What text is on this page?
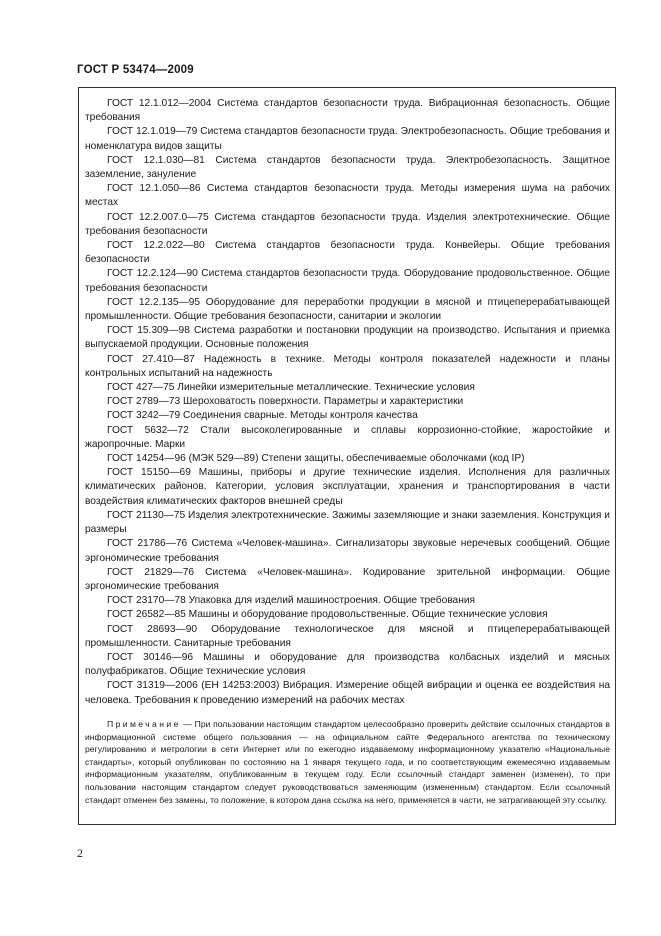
ГОСТ Р 53474—2009

ГОСТ 12.1.012—2004 Система стандартов безопасности труда. Вибрационная безопасность. Общие требования

ГОСТ 12.1.019—79 Система стандартов безопасности труда. Электробезопасность. Общие требования и номенклатура видов защиты

ГОСТ 12.1.030—81 Система стандартов безопасности труда. Электробезопасность. Защитное заземление, зануление

ГОСТ 12.1.050—86 Система стандартов безопасности труда. Методы измерения шума на рабочих местах

ГОСТ 12.2.007.0—75 Система стандартов безопасности труда. Изделия электротехнические. Общие требования безопасности

ГОСТ 12.2.022—80 Система стандартов безопасности труда. Конвейеры. Общие требования безопасности

ГОСТ 12.2.124—90 Система стандартов безопасности труда. Оборудование продовольственное. Общие требования безопасности

ГОСТ 12.2.135—95 Оборудование для переработки продукции в мясной и птицеперерабатывающей промышленности. Общие требования безопасности, санитарии и экологии

ГОСТ 15.309—98 Система разработки и постановки продукции на производство. Испытания и приемка выпускаемой продукции. Основные положения

ГОСТ 27.410—87 Надежность в технике. Методы контроля показателей надежности и планы контрольных испытаний на надежность

ГОСТ 427—75 Линейки измерительные металлические. Технические условия

ГОСТ 2789—73 Шероховатость поверхности. Параметры и характеристики

ГОСТ 3242—79 Соединения сварные. Методы контроля качества

ГОСТ 5632—72 Стали высоколегированные и сплавы коррозионно-стойкие, жаростойкие и жаропрочные. Марки

ГОСТ 14254—96 (МЭК 529—89) Степени защиты, обеспечиваемые оболочками (код IP)

ГОСТ 15150—69 Машины, приборы и другие технические изделия. Исполнения для различных климатических районов. Категории, условия эксплуатации, хранения и транспортирования в части воздействия климатических факторов внешней среды

ГОСТ 21130—75 Изделия электротехнические. Зажимы заземляющие и знаки заземления. Конструкция и размеры

ГОСТ 21786—76 Система «Человек-машина». Сигнализаторы звуковые неречевых сообщений. Общие эргономические требования

ГОСТ 21829—76 Система «Человек-машина». Кодирование зрительной информации. Общие эргономические требования

ГОСТ 23170—78 Упаковка для изделий машиностроения. Общие требования

ГОСТ 26582—85 Машины и оборудование продовольственные. Общие технические условия

ГОСТ 28693—90 Оборудование технологическое для мясной и птицеперерабатывающей промышленности. Санитарные требования

ГОСТ 30146—96 Машины и оборудование для производства колбасных изделий и мясных полуфабрикатов. Общие технические условия

ГОСТ 31319—2006 (ЕН 14253:2003) Вибрация. Измерение общей вибрации и оценка ее воздействия на человека. Требования к проведению измерений на рабочих местах

Примечание — При пользовании настоящим стандартом целесообразно проверить действие ссылочных стандартов в информационной системе общего пользования — на официальном сайте Федерального агентства по техническому регулированию и метрологии в сети Интернет или по ежегодно издаваемому информационному указателю «Национальные стандарты», который опубликован по состоянию на 1 января текущего года, и по соответствующим ежемесячно издаваемым информационным указателям, опубликованным в текущем году. Если ссылочный стандарт заменен (изменен), то при пользовании настоящим стандартом следует руководствоваться заменяющим (измененным) стандартом. Если ссылочный стандарт отменен без замены, то положение, в котором дана ссылка на него, применяется в части, не затрагивающей эту ссылку.
2
